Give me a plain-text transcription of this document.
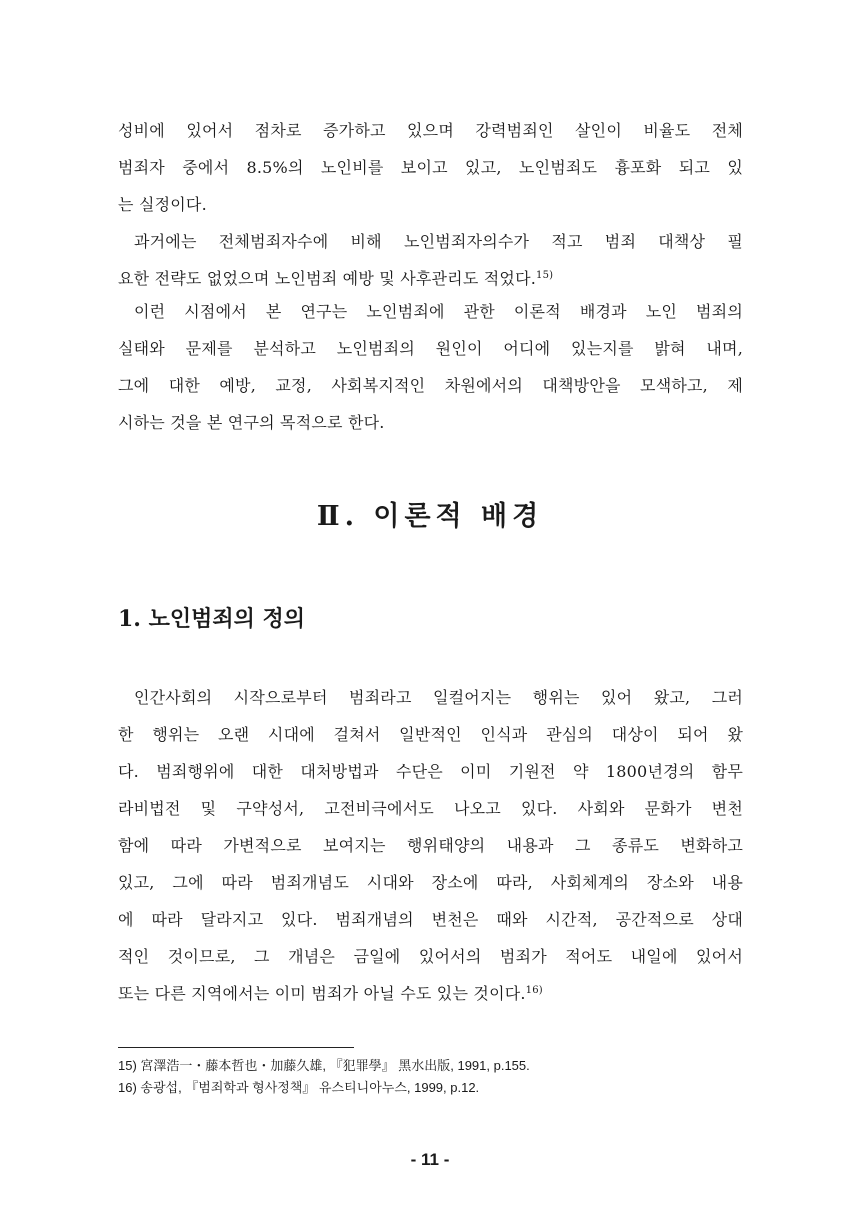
성비에 있어서 점차로 증가하고 있으며 강력범죄인 살인이 비율도 전체
범죄자 중에서 8.5%의 노인비를 보이고 있고, 노인범죄도 흉포화 되고 있
는 실정이다.
과거에는 전체범죄자수에 비해 노인범죄자의수가 적고 범죄 대책상 필
요한 전략도 없었으며 노인범죄 예방 및 사후관리도 적었다.$^{15)}$
이런 시점에서 본 연구는 노인범죄에 관한 이론적 배경과 노인 범죄의
실태와 문제를 분석하고 노인범죄의 원인이 어디에 있는지를 밝혀 내며,
그에 대한 예방, 교정, 사회복지적인 차원에서의 대책방안을 모색하고, 제
시하는 것을 본 연구의 목적으로 한다.
Ⅱ. 이론적 배경
1. 노인범죄의 정의
인간사회의 시작으로부터 범죄라고 일컬어지는 행위는 있어 왔고, 그러
한 행위는 오랜 시대에 걸쳐서 일반적인 인식과 관심의 대상이 되어 왔
다. 범죄행위에 대한 대처방법과 수단은 이미 기원전 약 1800년경의 함무
라비법전 및 구약성서, 고전비극에서도 나오고 있다. 사회와 문화가 변천
함에 따라 가변적으로 보여지는 행위태양의 내용과 그 종류도 변화하고
있고, 그에 따라 범죄개념도 시대와 장소에 따라, 사회체계의 장소와 내용
에 따라 달라지고 있다. 범죄개념의 변천은 때와 시간적, 공간적으로 상대
적인 것이므로, 그 개념은 금일에 있어서의 범죄가 적어도 내일에 있어서
또는 다른 지역에서는 이미 범죄가 아닐 수도 있는 것이다.$^{16)}$

15) 宮澤浩一・藤本哲也・加藤久雄, 『犯罪學』 黑水出版, 1991, p.155.

16) 송광섭, 『범죄학과 형사정책』 유스티니아누스, 1999, p.12.

- 11 -
